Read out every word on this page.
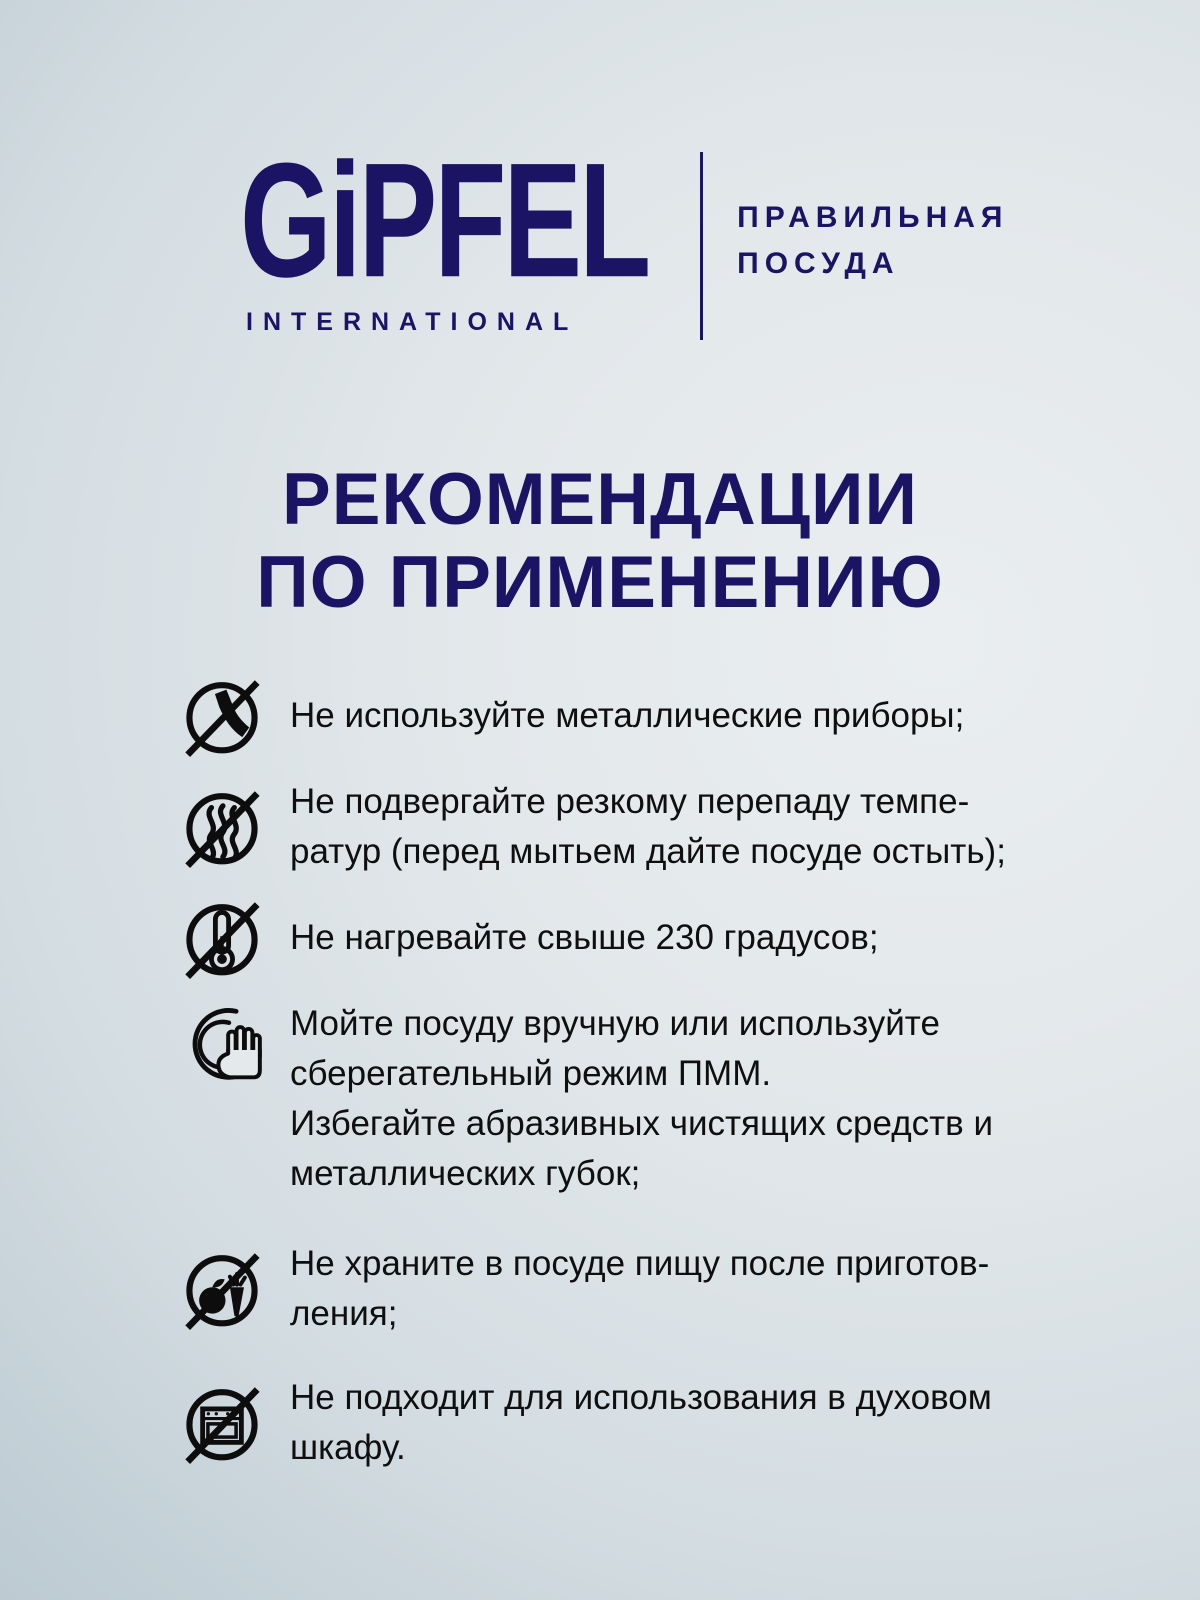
GiPFEL
INTERNATIONAL
ПРАВИЛЬНАЯ
ПОСУДА
РЕКОМЕНДАЦИИ
ПО ПРИМЕНЕНИЮ
Не используйте металлические приборы;
Не подвергайте резкому перепаду темпе-
ратур (перед мытьем дайте посуде остыть);
Не нагревайте свыше 230 градусов;
Мойте посуду вручную или используйте
сберегательный режим ПММ.
Избегайте абразивных чистящих средств и
металлических губок;
Не храните в посуде пищу после приготов-
ления;
Не подходит для использования в духовом
шкафу.
